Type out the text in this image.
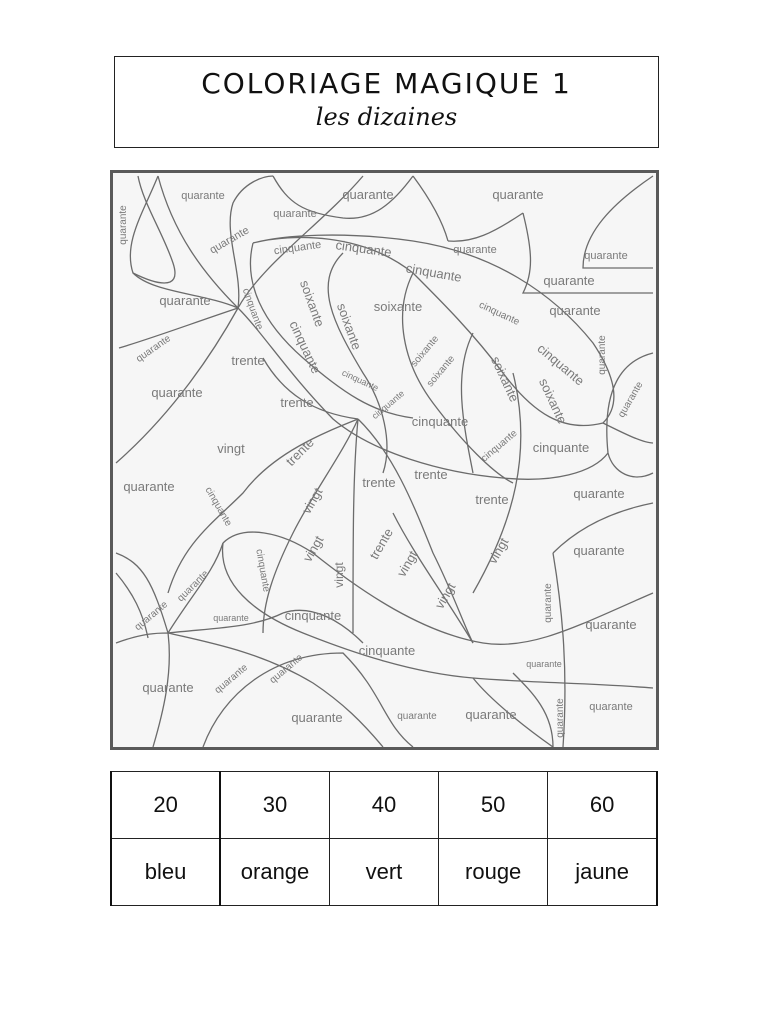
COLORIAGE MAGIQUE 1
les dizaines
quarante
quarante
quarante	quarante
quarante	quarante	quarante	quarante
quarante
quarante
quarante
quarante
quarante
quarante
quarante
quarante	quarante
quarante
quarante
quarante
quarante	quarante
quarante
quarante quarante quarante
quarante	quarante quarante
quarante
quarante quarante
cinquante cinquante
cinquante
cinquante
cinquante
cinquante
cinquante
cinquante
cinquante
cinquante
cinquante cinquante
cinquante
cinquante
cinquante
cinquante
soixante soixante soixante
soixante
soixante soixante soixante
trente
trente
trente
trente
trente
trente
trente	vingt
vingt
vingt
vingt
vingt	vingt
vingt
20	30	40	50	60
bleu	orange	vert	rouge	jaune
